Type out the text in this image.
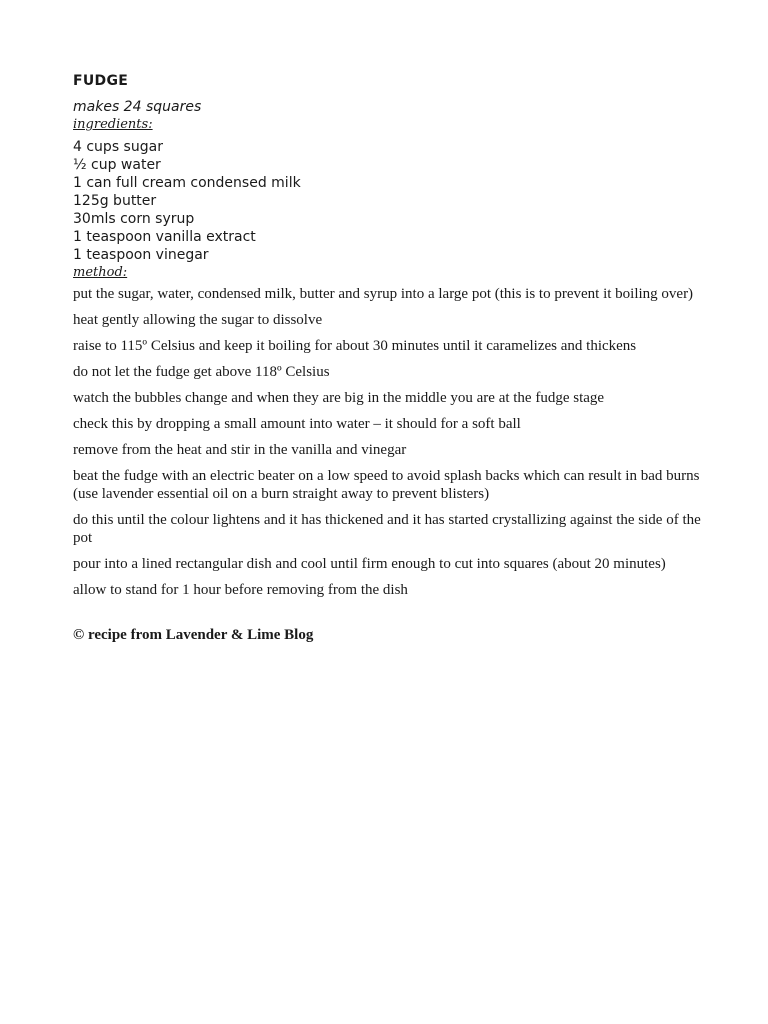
FUDGE

makes 24 squares

ingredients:

4 cups sugar
½ cup water
1 can full cream condensed milk
125g butter
30mls corn syrup
1 teaspoon vanilla extract
1 teaspoon vinegar

method:

put the sugar, water, condensed milk, butter and syrup into a large pot (this is to prevent it boiling over)
heat gently allowing the sugar to dissolve
raise to 115º Celsius and keep it boiling for about 30 minutes until it caramelizes and thickens
do not let the fudge get above 118º Celsius
watch the bubbles change and when they are big in the middle you are at the fudge stage
check this by dropping a small amount into water – it should for a soft ball
remove from the heat and stir in the vanilla and vinegar
beat the fudge with an electric beater on a low speed to avoid splash backs which can result in bad burns (use lavender essential oil on a burn straight away to prevent blisters)
do this until the colour lightens and it has thickened and it has started crystallizing against the side of the pot
pour into a lined rectangular dish and cool until firm enough to cut into squares (about 20 minutes)
allow to stand for 1 hour before removing from the dish

© recipe from Lavender & Lime Blog
